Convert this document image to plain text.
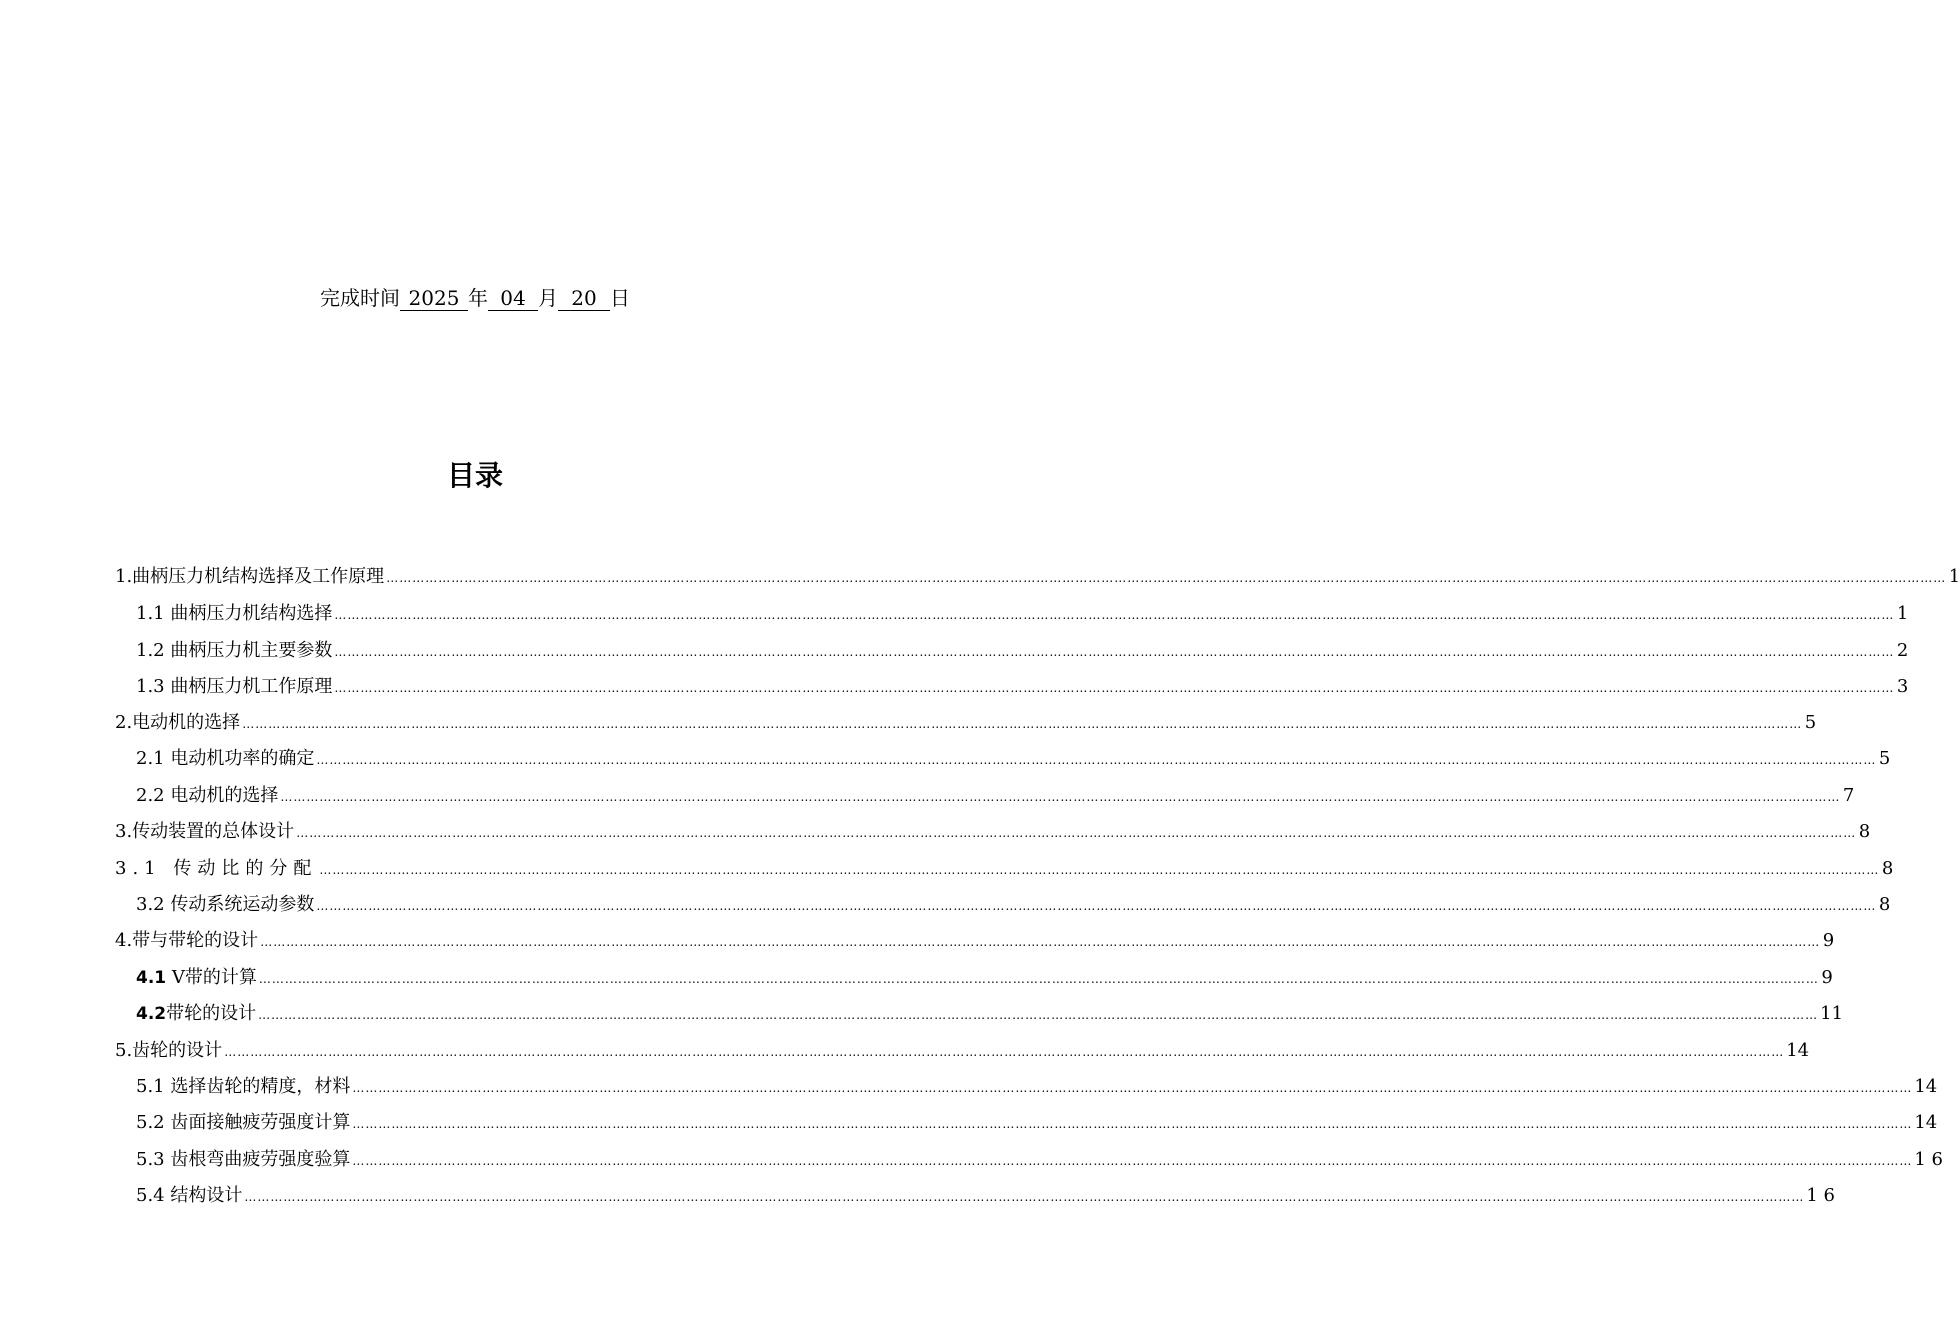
完成时间 2025 年 04 月 20 日
目录
1.曲柄压力机结构选择及工作原理 ……………………………………………………………………………………………………………………………………………………………………………………………………………………………………………………………………………………………………………………………… 1
1.1 曲柄压力机结构选择 ……………………………………………………………………………………………………………………………………………………………………………………………………………………………………………………………………………………………………………………………… 1
1.2 曲柄压力机主要参数 ……………………………………………………………………………………………………………………………………………………………………………………………………………………………………………………………………………………………………………………………… 2
1.3 曲柄压力机工作原理 ……………………………………………………………………………………………………………………………………………………………………………………………………………………………………………………………………………………………………………………………… 3
2.电动机的选择 ……………………………………………………………………………………………………………………………………………………………………………………………………………………………………………………………………………………………………………………………… 5
2.1 电动机功率的确定 ……………………………………………………………………………………………………………………………………………………………………………………………………………………………………………………………………………………………………………………………… 5
2.2 电动机的选择 ……………………………………………………………………………………………………………………………………………………………………………………………………………………………………………………………………………………………………………………………… 7
3.传动装置的总体设计 ……………………………………………………………………………………………………………………………………………………………………………………………………………………………………………………………………………………………………………………………… 8
3.1 传动比的分配 ……………………………………………………………………………………………………………………………………………………………………………………………………………………………………………………………………………………………………………………………… 8
3.2 传动系统运动参数 ……………………………………………………………………………………………………………………………………………………………………………………………………………………………………………………………………………………………………………………………… 8
4.带与带轮的设计 ……………………………………………………………………………………………………………………………………………………………………………………………………………………………………………………………………………………………………………………………… 9
4.1 V带的计算 ……………………………………………………………………………………………………………………………………………………………………………………………………………………………………………………………………………………………………………………………… 9
4.2带轮的设计 ……………………………………………………………………………………………………………………………………………………………………………………………………………………………………………………………………………………………………………………………… 11
5.齿轮的设计 ……………………………………………………………………………………………………………………………………………………………………………………………………………………………………………………………………………………………………………………………… 14
5.1 选择齿轮的精度，材料 ……………………………………………………………………………………………………………………………………………………………………………………………………………………………………………………………………………………………………………………………… 14
5.2 齿面接触疲劳强度计算 ……………………………………………………………………………………………………………………………………………………………………………………………………………………………………………………………………………………………………………………………… 14
5.3 齿根弯曲疲劳强度验算 ……………………………………………………………………………………………………………………………………………………………………………………………………………………………………………………………………………………………………………………………… 1 6
5.4 结构设计 ……………………………………………………………………………………………………………………………………………………………………………………………………………………………………………………………………………………………………………………………… 1 6
